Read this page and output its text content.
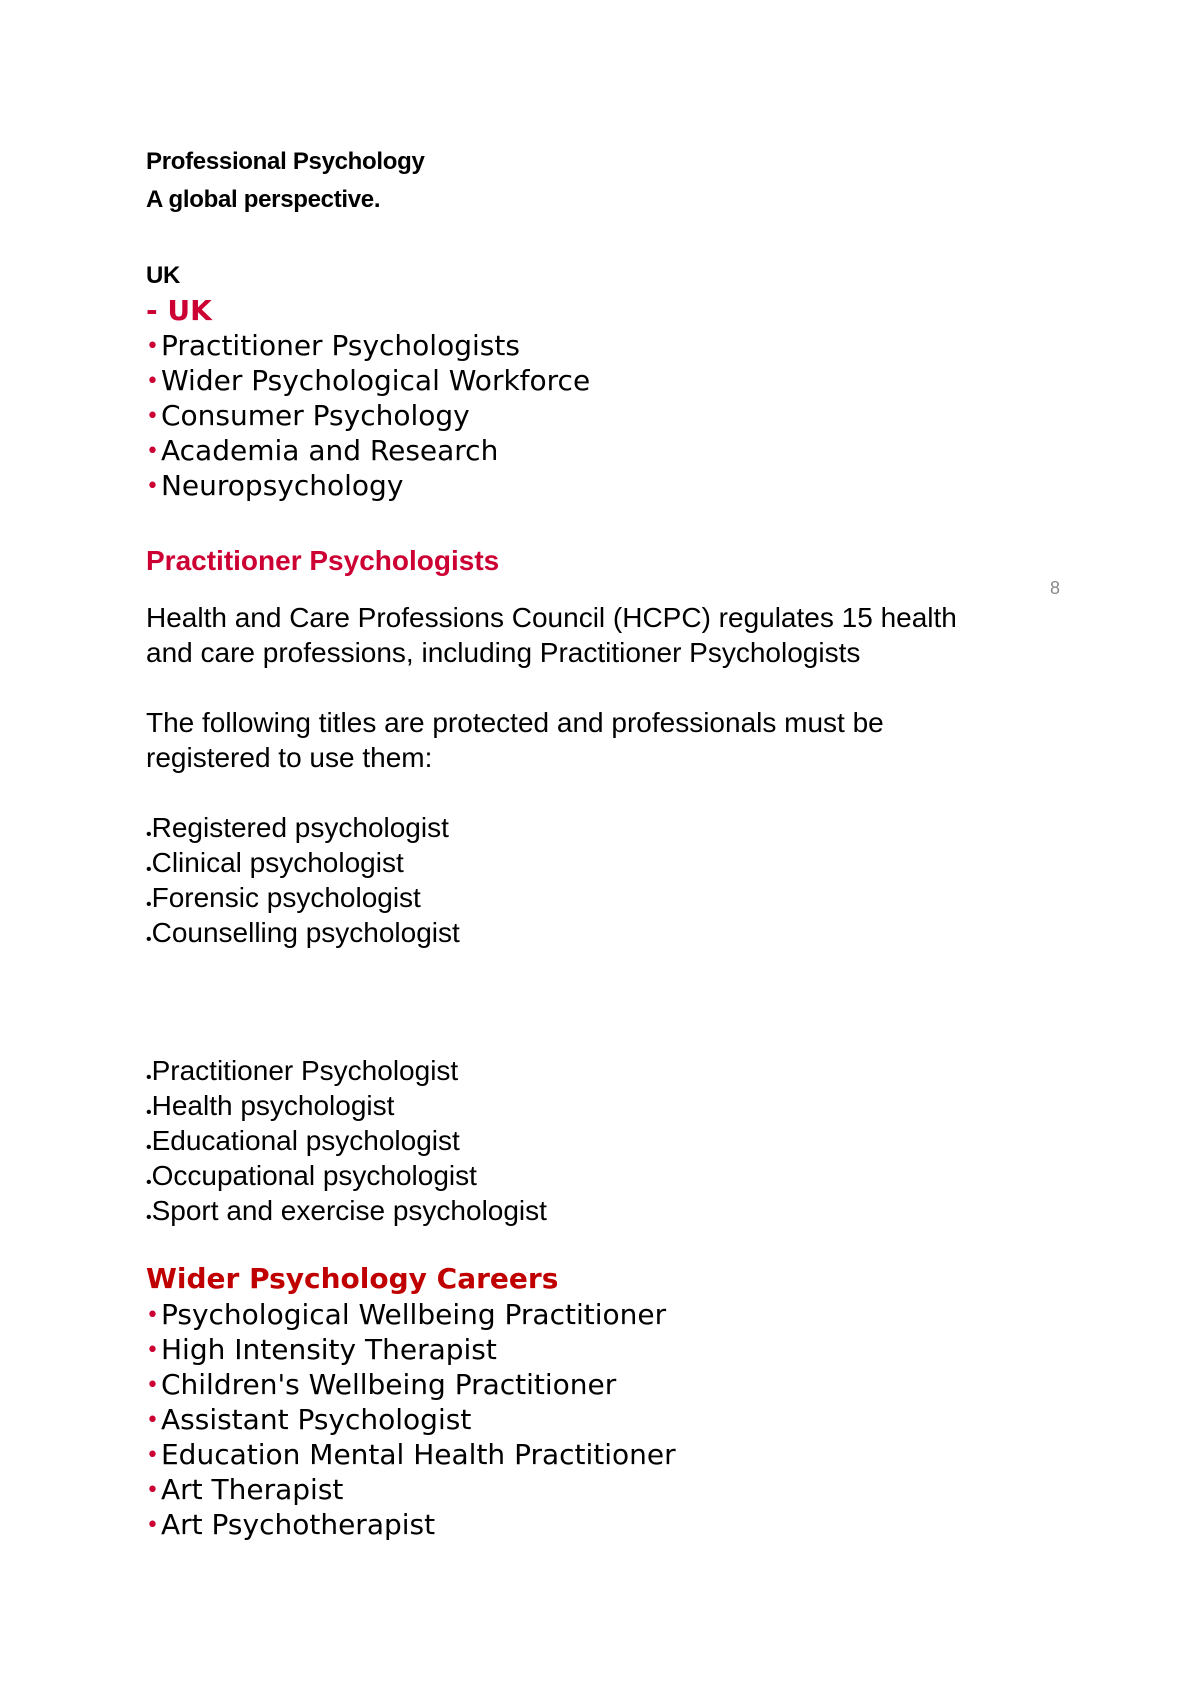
Professional Psychology
A global perspective.
UK
- UK
•Practitioner Psychologists
•Wider Psychological Workforce
•Consumer Psychology
•Academia and Research
•Neuropsychology
Practitioner Psychologists
8
Health and Care Professions Council (HCPC) regulates 15 health
and care professions, including Practitioner Psychologists
The following titles are protected and professionals must be
registered to use them:
•Registered psychologist
•Clinical psychologist
•Forensic psychologist
•Counselling psychologist
•Practitioner Psychologist
•Health psychologist
•Educational psychologist
•Occupational psychologist
•Sport and exercise psychologist
Wider Psychology Careers
•Psychological Wellbeing Practitioner
•High Intensity Therapist
•Children's Wellbeing Practitioner
•Assistant Psychologist
•Education Mental Health Practitioner
•Art Therapist
•Art Psychotherapist
